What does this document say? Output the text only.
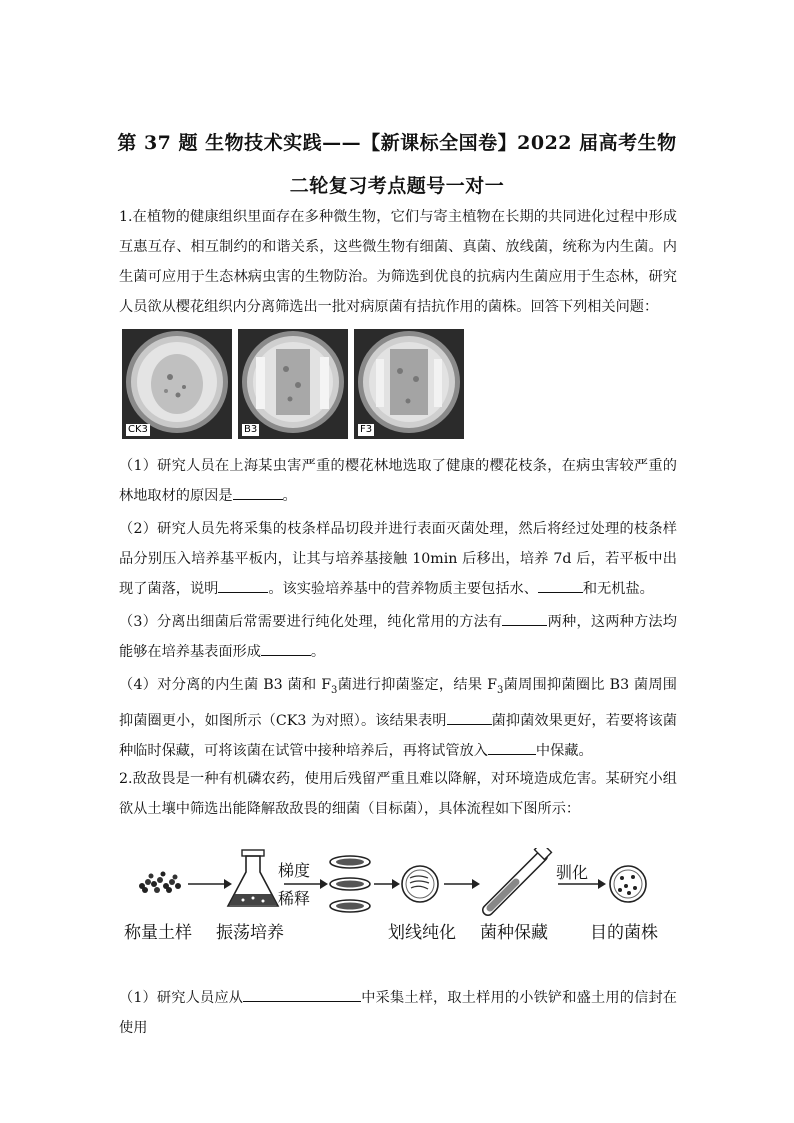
第 37 题 生物技术实践——【新课标全国卷】2022 届高考生物
二轮复习考点题号一对一
1.在植物的健康组织里面存在多种微生物，它们与寄主植物在长期的共同进化过程中形成互惠互存、相互制约的和谐关系，这些微生物有细菌、真菌、放线菌，统称为内生菌。内生菌可应用于生态林病虫害的生物防治。为筛选到优良的抗病内生菌应用于生态林，研究人员欲从樱花组织内分离筛选出一批对病原菌有拮抗作用的菌株。回答下列相关问题：
CK3	B3	F3
（1）研究人员在上海某虫害严重的樱花林地选取了健康的樱花枝条，在病虫害较严重的林地取材的原因是	。
（2）研究人员先将采集的枝条样品切段并进行表面灭菌处理，然后将经过处理的枝条样品分别压入培养基平板内，让其与培养基接触 10min 后移出，培养 7d 后，若平板中出现了菌落，说明	。该实验培养基中的营养物质主要包括水、	和无机盐。
（3）分离出细菌后常需要进行纯化处理，纯化常用的方法有	两种，这两种方法均能够在培养基表面形成	。
（4）对分离的内生菌 B3 菌和 $F_3$菌进行抑菌鉴定，结果 $F_3$菌周围抑菌圈比 B3 菌周围抑菌圈更小，如图所示（CK3 为对照）。该结果表明	菌抑菌效果更好，若要将该菌种临时保藏，可将该菌在试管中接种培养后，再将试管放入	中保藏。
2.敌敌畏是一种有机磷农药，使用后残留严重且难以降解，对环境造成危害。某研究小组欲从土壤中筛选出能降解敌敌畏的细菌（目标菌），具体流程如下图所示：
梯度
稀释
驯化
称量土样 振荡培养	划线纯化 菌种保藏 目的菌株
（1）研究人员应从	中采集土样，取土样用的小铁铲和盛土用的信封在使用
